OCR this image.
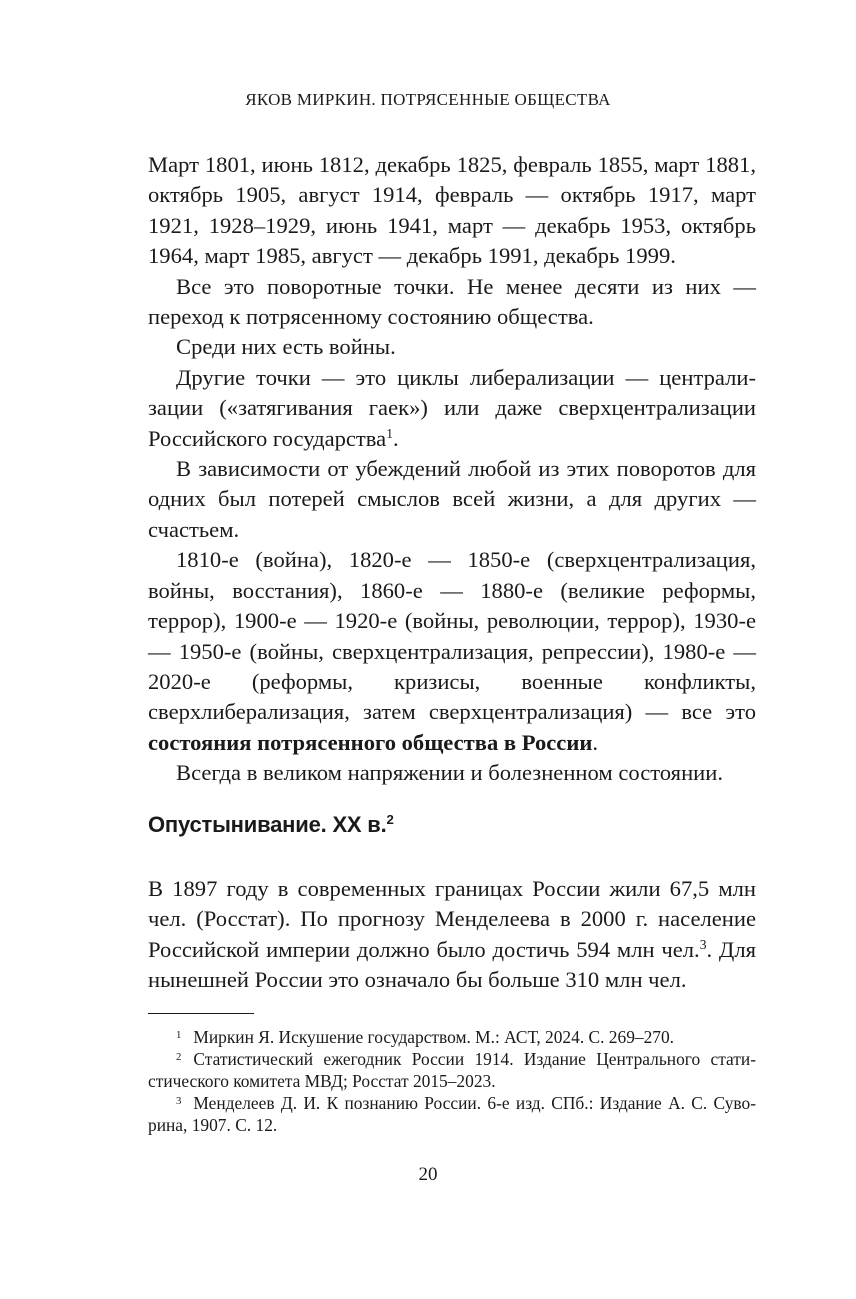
ЯКОВ МИРКИН. ПОТРЯСЕННЫЕ ОБЩЕСТВА

Март 1801, июнь 1812, декабрь 1825, февраль 1855, март 1881, октябрь 1905, август 1914, февраль — октябрь 1917, март 1921, 1928–1929, июнь 1941, март — декабрь 1953, октябрь 1964, март 1985, август — декабрь 1991, декабрь 1999.

Все это поворотные точки. Не менее десяти из них — переход к потрясенному состоянию общества.

Среди них есть войны.

Другие точки — это циклы либерализации — централизации («затягивания гаек») или даже сверхцентрализации Российского государства$^1$.

В зависимости от убеждений любой из этих поворотов для одних был потерей смыслов всей жизни, а для других — счастьем.

1810-е (война), 1820-е — 1850-е (сверхцентрализация, войны, восстания), 1860-е — 1880-е (великие реформы, террор), 1900-е — 1920-е (войны, революции, террор), 1930-е — 1950-е (войны, сверхцентрализация, репрессии), 1980-е — 2020-е (реформы, кризисы, военные конфликты, сверхлиберализация, затем сверхцентрализация) — все это состояния потрясенного общества в России.

Всегда в великом напряжении и болезненном состоянии.

Опустынивание. XX в.$^2$

В 1897 году в современных границах России жили 67,5 млн чел. (Росстат). По прогнозу Менделеева в 2000 г. население Российской империи должно было достичь 594 млн чел.$^3$. Для нынешней России это означало бы больше 310 млн чел.

$^1$ Миркин Я. Искушение государством. М.: АСТ, 2024. С. 269–270.

$^2$ Статистический ежегодник России 1914. Издание Центрального статистического комитета МВД; Росстат 2015–2023.

$^3$ Менделеев Д. И. К познанию России. 6-е изд. СПб.: Издание А. С. Суворина, 1907. С. 12.

20
